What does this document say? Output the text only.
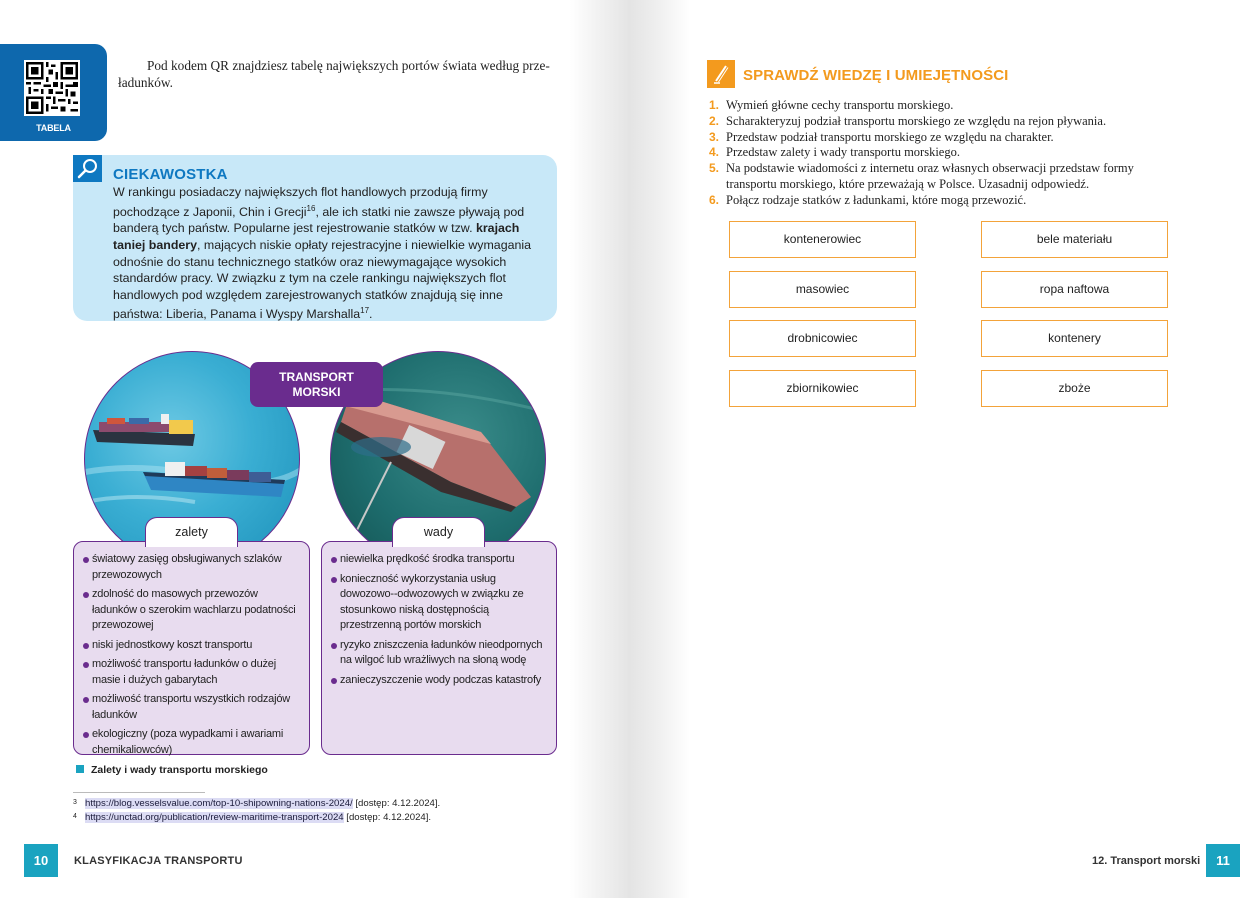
TABELA

Pod kodem QR znajdziesz tabelę największych portów świata według prze-ładunków.

CIEKAWOSTKA

W rankingu posiadaczy największych flot handlowych przodują firmy pochodzące z Japonii, Chin i Grecji$^{16}$, ale ich statki nie zawsze pływają pod banderą tych państw. Popularne jest rejestrowanie statków w tzw. krajach taniej bandery, mających niskie opłaty rejestracyjne i niewielkie wymagania odnośnie do stanu technicznego statków oraz niewymagające wysokich standardów pracy. W związku z tym na czele rankingu największych flot handlowych pod względem zarejestrowanych statków znajdują się inne państwa: Liberia, Panama i Wyspy Marshalla$^{17}$.

TRANSPORT
MORSKI
światowy zasięg obsługiwanych szlaków przewozowych
zdolność do masowych przewozów ładunków o szerokim wachlarzu podatności przewozowej
niski jednostkowy koszt transportu
możliwość transportu ładunków o dużej masie i dużych gabarytach
możliwość transportu wszystkich rodzajów ładunków
ekologiczny (poza wypadkami i awariami chemikaliowców)
niewielka prędkość środka transportu
konieczność wykorzystania usług dowozowo--odwozowych w związku ze stosunkowo niską dostępnością przestrzenną portów morskich
ryzyko zniszczenia ładunków nieodpornych na wilgoć lub wrażliwych na słoną wodę
zanieczyszczenie wody podczas katastrofy
zalety	wady
Zalety i wady transportu morskiego
3 https://blog.vesselsvalue.com/top-10-shipowning-nations-2024/ [dostęp: 4.12.2024].
4 https://unctad.org/publication/review-maritime-transport-2024 [dostęp: 4.12.2024].
10	KLASYFIKACJA TRANSPORTU
SPRAWDŹ WIEDZĘ I UMIEJĘTNOŚCI
1. Wymień główne cechy transportu morskiego.
2. Scharakteryzuj podział transportu morskiego ze względu na rejon pływania.
3. Przedstaw podział transportu morskiego ze względu na charakter.
4. Przedstaw zalety i wady transportu morskiego.
5. Na podstawie wiadomości z internetu oraz własnych obserwacji przedstaw formy transportu morskiego, które przeważają w Polsce. Uzasadnij odpowiedź.
6. Połącz rodzaje statków z ładunkami, które mogą przewozić.
kontenerowiec
masowiec
drobnicowiec
zbiornikowiec
bele materiału
ropa naftowa
kontenery
zboże
12. Transport morski	11
